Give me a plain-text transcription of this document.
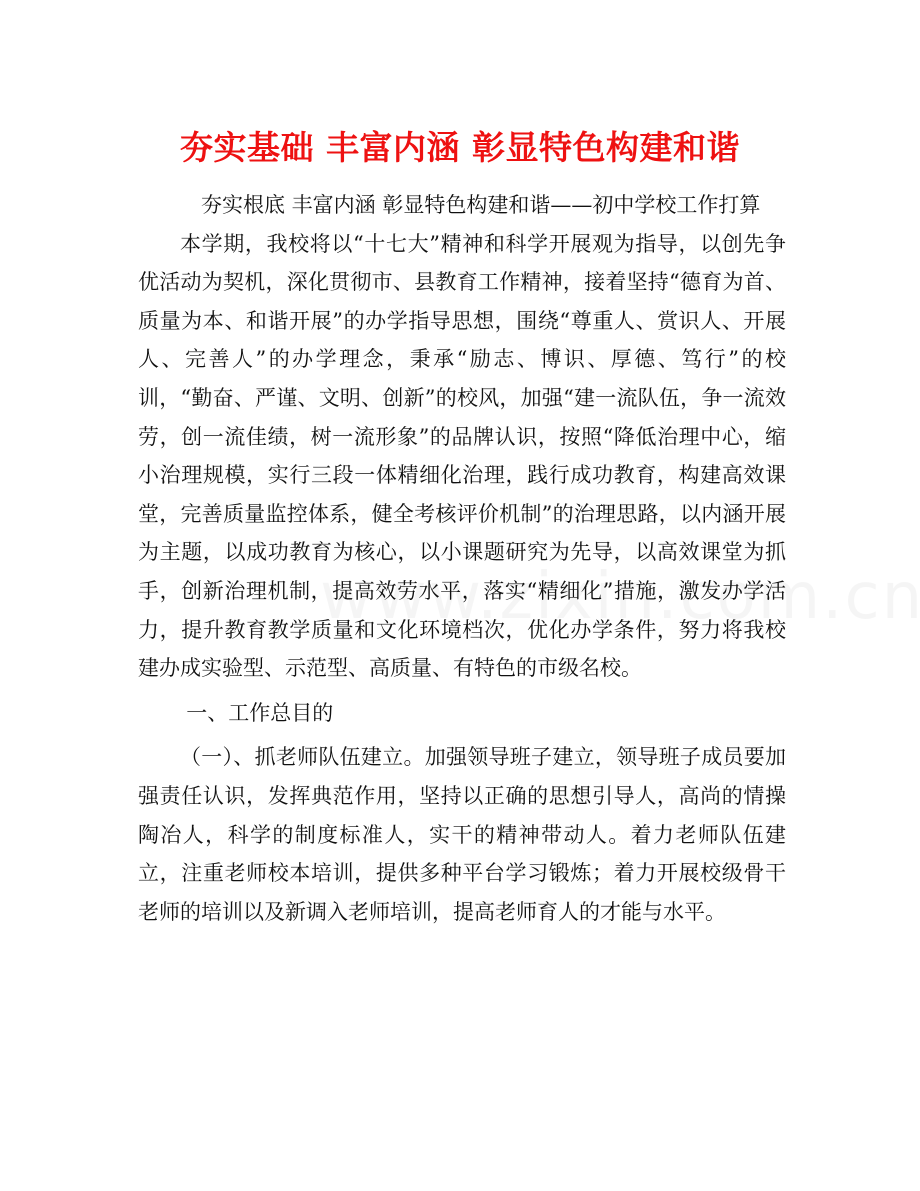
夯实基础 丰富内涵 彰显特色构建和谐

夯实根底 丰富内涵 彰显特色构建和谐——初中学校工作打算

本学期，我校将以“十七大”精神和科学开展观为指导，以创先争优活动为契机，深化贯彻市、县教育工作精神，接着坚持“德育为首、质量为本、和谐开展”的办学指导思想，围绕“尊重人、赏识人、开展人、完善人”的办学理念，秉承“励志、博识、厚德、笃行”的校训，“勤奋、严谨、文明、创新”的校风，加强“建一流队伍，争一流效劳，创一流佳绩，树一流形象”的品牌认识，按照“降低治理中心，缩小治理规模，实行三段一体精细化治理，践行成功教育，构建高效课堂，完善质量监控体系，健全考核评价机制”的治理思路，以内涵开展为主题，以成功教育为核心，以小课题研究为先导，以高效课堂为抓手，创新治理机制，提高效劳水平，落实“精细化”措施，激发办学活力，提升教育教学质量和文化环境档次，优化办学条件，努力将我校建办成实验型、示范型、高质量、有特色的市级名校。

一、工作总目的

（一）、抓老师队伍建立。加强领导班子建立，领导班子成员要加强责任认识，发挥典范作用，坚持以正确的思想引导人，高尚的情操陶冶人，科学的制度标准人，实干的精神带动人。着力老师队伍建立，注重老师校本培训，提供多种平台学习锻炼；着力开展校级骨干老师的培训以及新调入老师培训，提高老师育人的才能与水平。
